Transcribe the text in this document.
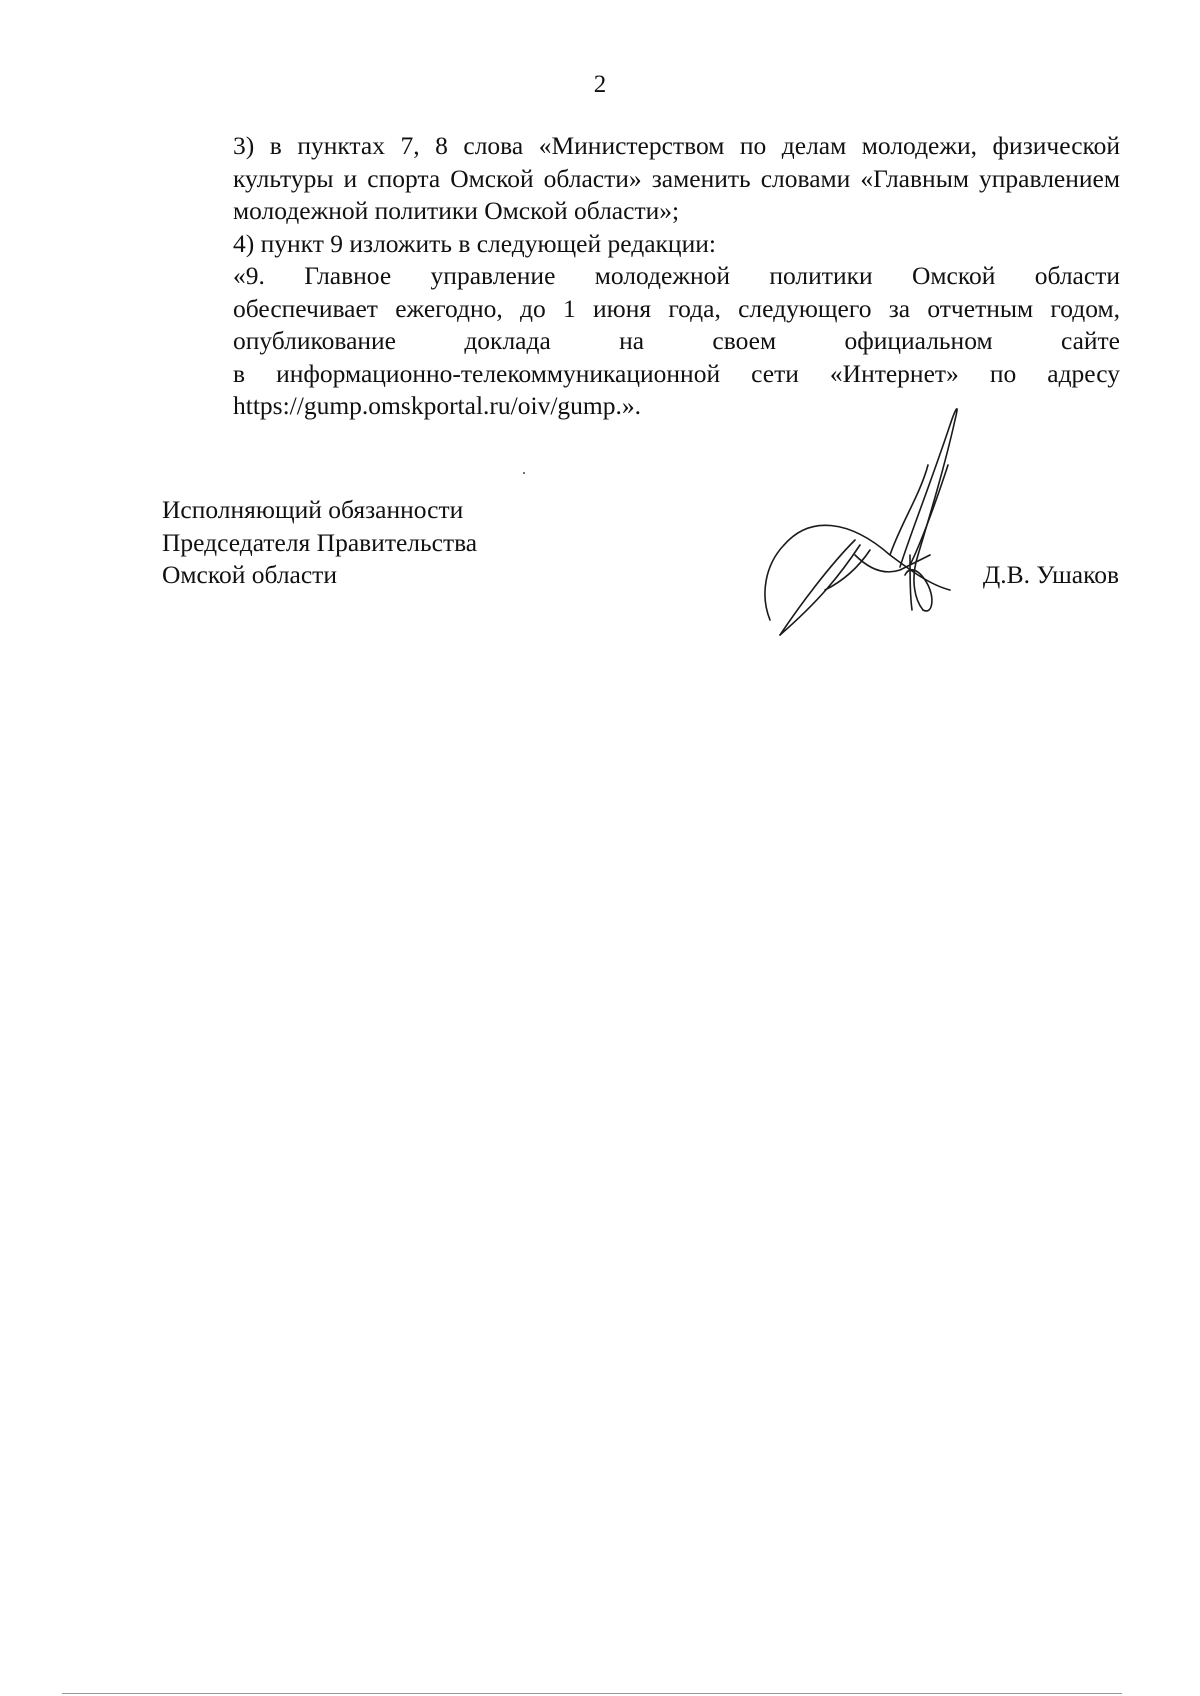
2

3) в пунктах 7, 8 слова «Министерством по делам молодежи, физической
культуры и спорта Омской области» заменить словами «Главным управлением
молодежной политики Омской области»;

4) пункт 9 изложить в следующей редакции:

«9. Главное управление молодежной политики Омской области
обеспечивает ежегодно, до 1 июня года, следующего за отчетным годом,
опубликование доклада на своем официальном сайте
в информационно-телекоммуникационной сети «Интернет» по адресу
https://gump.omskportal.ru/oiv/gump.».

Исполняющий обязанности
Председателя Правительства
Омской области	Д.В. Ушаков
